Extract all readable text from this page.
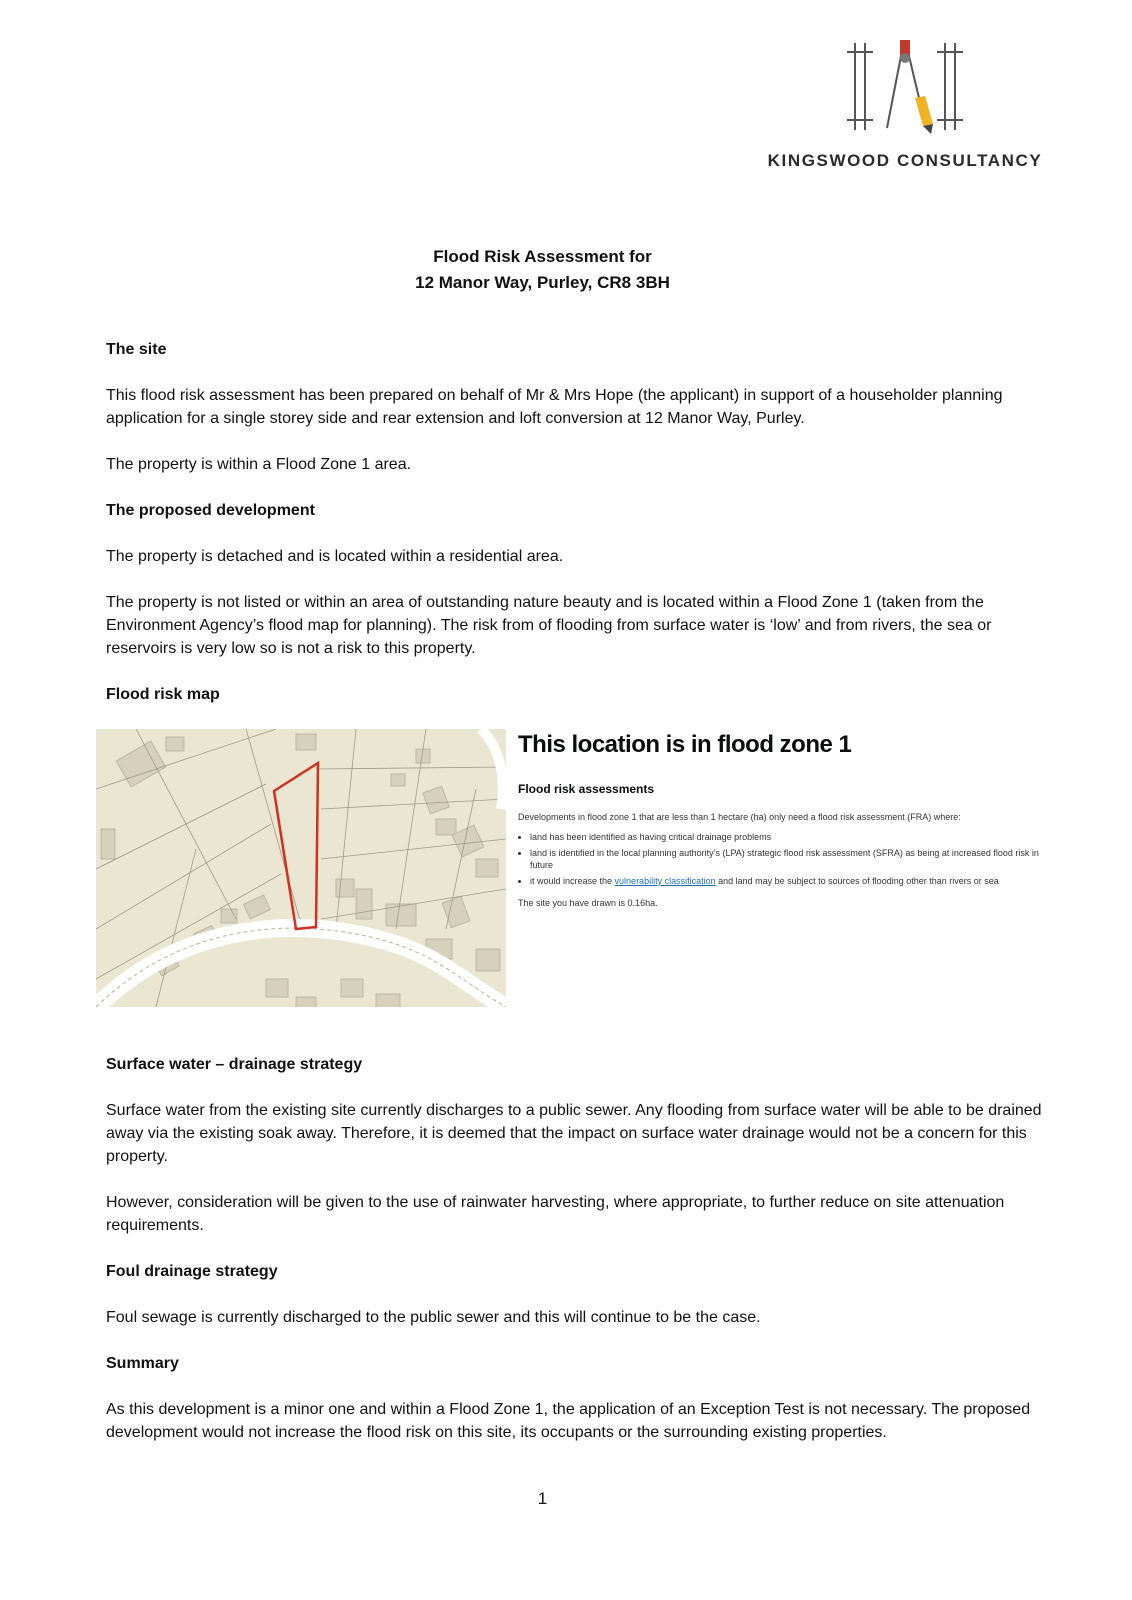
KINGSWOOD CONSULTANCY
Flood Risk Assessment for
12 Manor Way, Purley, CR8 3BH
The site
This flood risk assessment has been prepared on behalf of Mr & Mrs Hope (the applicant) in support of a householder planning application for a single storey side and rear extension and loft conversion at 12 Manor Way, Purley.
The property is within a Flood Zone 1 area.
The proposed development
The property is detached and is located within a residential area.
The property is not listed or within an area of outstanding nature beauty and is located within a Flood Zone 1 (taken from the Environment Agency’s flood map for planning). The risk from of flooding from surface water is ‘low’ and from rivers, the sea or reservoirs is very low so is not a risk to this property.
Flood risk map
This location is in flood zone 1
Flood risk assessments
Developments in flood zone 1 that are less than 1 hectare (ha) only need a flood risk assessment (FRA) where:
• land has been identified as having critical drainage problems
• land is identified in the local planning authority’s (LPA) strategic flood risk assessment (SFRA) as being at increased flood risk in future
• it would increase the vulnerability classification and land may be subject to sources of flooding other than rivers or sea
The site you have drawn is 0.16ha.
Surface water – drainage strategy
Surface water from the existing site currently discharges to a public sewer. Any flooding from surface water will be able to be drained away via the existing soak away. Therefore, it is deemed that the impact on surface water drainage would not be a concern for this property.
However, consideration will be given to the use of rainwater harvesting, where appropriate, to further reduce on site attenuation requirements.
Foul drainage strategy
Foul sewage is currently discharged to the public sewer and this will continue to be the case.
Summary
As this development is a minor one and within a Flood Zone 1, the application of an Exception Test is not necessary. The proposed development would not increase the flood risk on this site, its occupants or the surrounding existing properties.
1
